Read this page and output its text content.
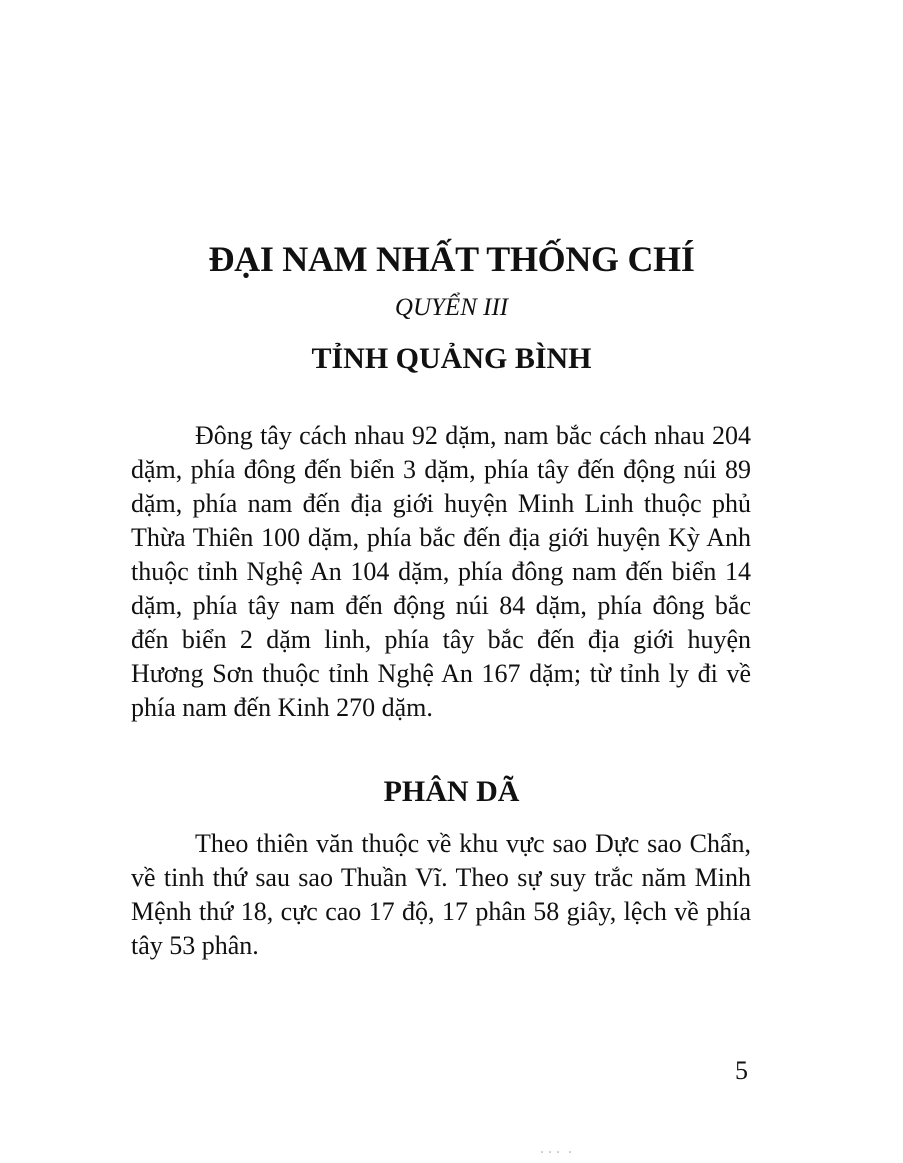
ĐẠI NAM NHẤT THỐNG CHÍ

QUYỂN III

TỈNH QUẢNG BÌNH

Đông tây cách nhau 92 dặm, nam bắc cách nhau 204 dặm, phía đông đến biển 3 dặm, phía tây đến động núi 89 dặm, phía nam đến địa giới huyện Minh Linh thuộc phủ Thừa Thiên 100 dặm, phía bắc đến địa giới huyện Kỳ Anh thuộc tỉnh Nghệ An 104 dặm, phía đông nam đến biển 14 dặm, phía tây nam đến động núi 84 dặm, phía đông bắc đến biển 2 dặm linh, phía tây bắc đến địa giới huyện Hương Sơn thuộc tỉnh Nghệ An 167 dặm; từ tỉnh ly đi về phía nam đến Kinh 270 dặm.

PHÂN DÃ

Theo thiên văn thuộc về khu vực sao Dực sao Chẩn, về tinh thứ sau sao Thuần Vĩ. Theo sự suy trắc năm Minh Mệnh thứ 18, cực cao 17 độ, 17 phân 58 giây, lệch về phía tây 53 phân.

5
